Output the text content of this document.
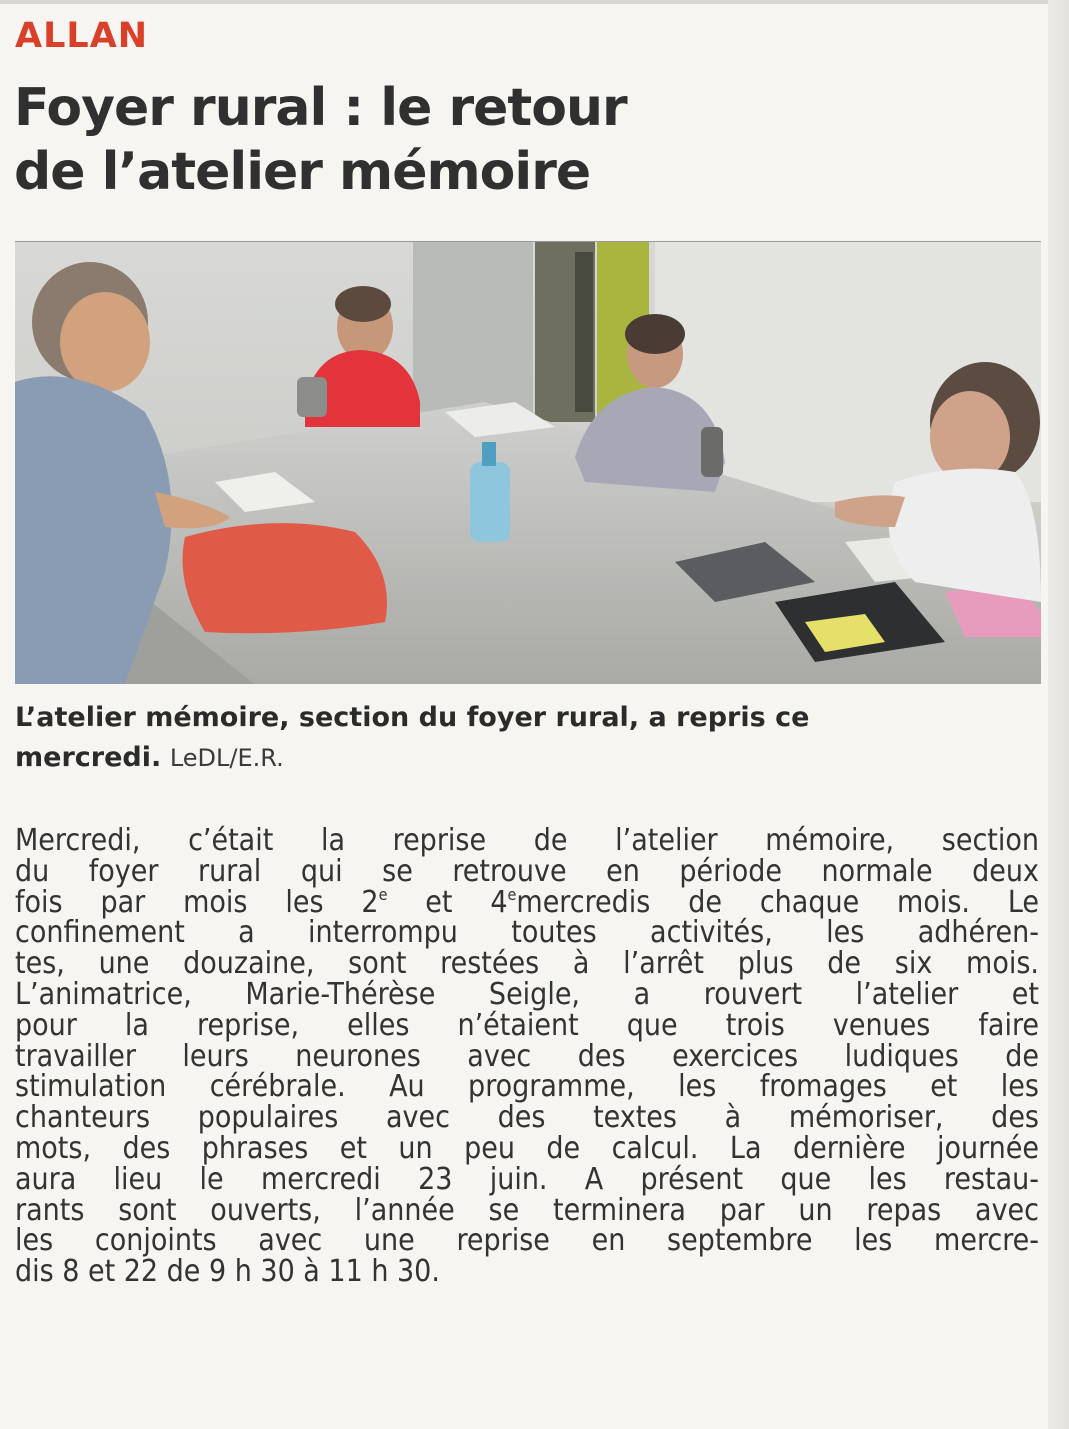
ALLAN
Foyer rural : le retour
de l’atelier mémoire
L’atelier mémoire, section du foyer rural, a repris ce
mercredi. LeDL/E.R.
Mercredi, c’était la reprise de l’atelier mémoire, section
du foyer rural qui se retrouve en période normale deux
fois par mois les 2e et 4emercredis de chaque mois. Le
confinement a interrompu toutes activités, les adhéren-
tes, une douzaine, sont restées à l’arrêt plus de six mois.
L’animatrice, Marie-Thérèse Seigle, a rouvert l’atelier et
pour la reprise, elles n’étaient que trois venues faire
travailler leurs neurones avec des exercices ludiques de
stimulation cérébrale. Au programme, les fromages et les
chanteurs populaires avec des textes à mémoriser, des
mots, des phrases et un peu de calcul. La dernière journée
aura lieu le mercredi 23 juin. A présent que les restau-
rants sont ouverts, l’année se terminera par un repas avec
les conjoints avec une reprise en septembre les mercre-
dis 8 et 22 de 9 h 30 à 11 h 30.
